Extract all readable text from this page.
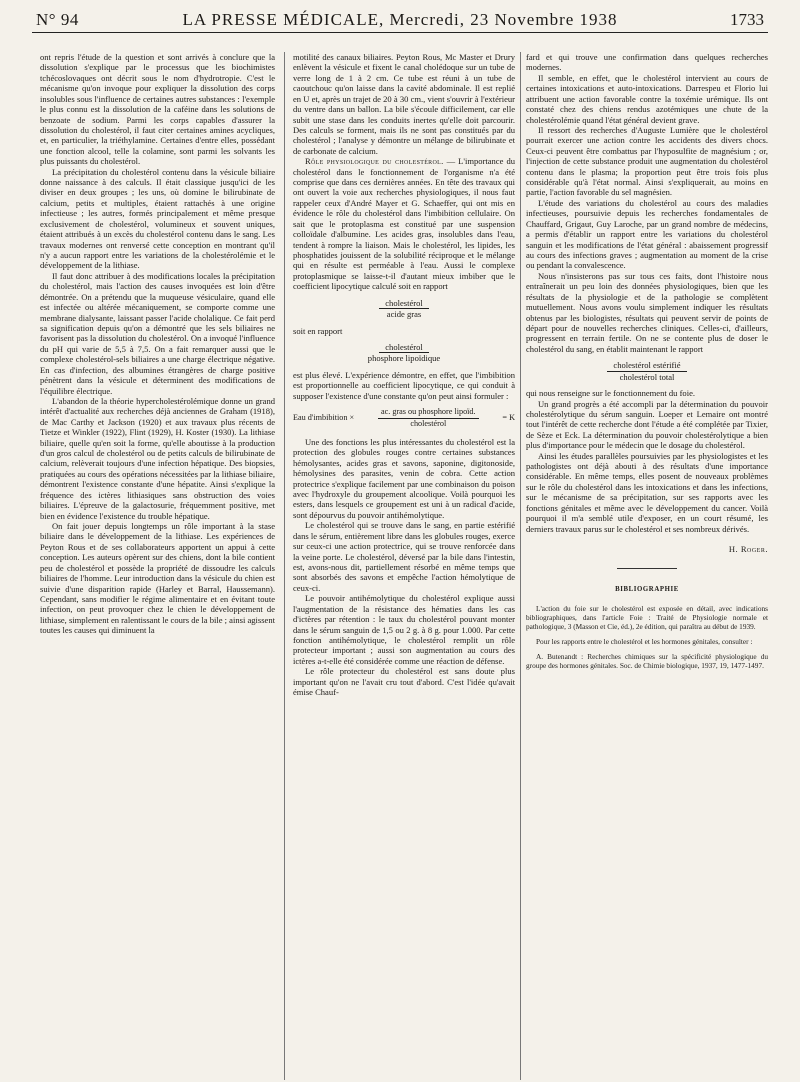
N° 94	LA PRESSE MÉDICALE, Mercredi, 23 Novembre 1938	1733

ont repris l'étude de la question et sont arrivés à conclure que la dissolution s'explique par le processus que les biochimistes tchécoslovaques ont décrit sous le nom d'hydrotropie. C'est le mécanisme qu'on invoque pour expliquer la dissolution des corps insolubles sous l'influence de certaines autres substances : l'exemple le plus connu est la dissolution de la caféine dans les solutions de benzoate de sodium. Parmi les corps capables d'assurer la dissolution du cholestérol, il faut citer certaines amines acycliques, et, en particulier, la triéthylamine. Certaines d'entre elles, possédant une fonction alcool, telle la colamine, sont parmi les solvants les plus puissants du cholestérol.

La précipitation du cholestérol contenu dans la vésicule biliaire donne naissance à des calculs. Il était classique jusqu'ici de les diviser en deux groupes ; les uns, où domine le bilirubinate de calcium, petits et multiples, étaient rattachés à une origine infectieuse ; les autres, formés principalement et même presque exclusivement de cholestérol, volumineux et souvent uniques, étaient attribués à un excès du cholestérol contenu dans le sang. Les travaux modernes ont renversé cette conception en montrant qu'il n'y a aucun rapport entre les variations de la cholestérolémie et le développement de la lithiase.

Il faut donc attribuer à des modifications locales la précipitation du cholestérol, mais l'action des causes invoquées est loin d'être démontrée. On a prétendu que la muqueuse vésiculaire, quand elle est infectée ou altérée mécaniquement, se comporte comme une membrane dialysante, laissant passer l'acide cholalique. Ce fait perd sa signification depuis qu'on a démontré que les sels biliaires ne favorisent pas la dissolution du cholestérol. On a invoqué l'influence du pH qui varie de 5,5 à 7,5. On a fait remarquer aussi que le complexe cholestérol-sels biliaires a une charge électrique négative. En cas d'infection, des albumines étrangères de charge positive pénètrent dans la vésicule et déterminent des modifications de l'équilibre électrique.

L'abandon de la théorie hypercholestérolémique donne un grand intérêt d'actualité aux recherches déjà anciennes de Graham (1918), de Mac Carthy et Jackson (1920) et aux travaux plus récents de Tietze et Winkler (1922), Flint (1929), H. Koster (1930). La lithiase biliaire, quelle qu'en soit la forme, qu'elle aboutisse à la production d'un gros calcul de cholestérol ou de petits calculs de bilirubinate de calcium, relèverait toujours d'une infection hépatique. Des biopsies, pratiquées au cours des opérations nécessitées par la lithiase biliaire, démontrent l'existence constante d'une hépatite. Ainsi s'explique la fréquence des ictères lithiasiques sans obstruction des voies biliaires. L'épreuve de la galactosurie, fréquemment positive, met bien en évidence l'existence du trouble hépatique.

On fait jouer depuis longtemps un rôle important à la stase biliaire dans le développement de la lithiase. Les expériences de Peyton Rous et de ses collaborateurs apportent un appui à cette conception. Les auteurs opèrent sur des chiens, dont la bile contient peu de cholestérol et possède la propriété de dissoudre les calculs biliaires de l'homme. Leur introduction dans la vésicule du chien est suivie d'une disparition rapide (Harley et Barral, Haussemann). Cependant, sans modifier le régime alimentaire et en évitant toute infection, on peut provoquer chez le chien le développement de lithiase, simplement en ralentissant le cours de la bile ; ainsi agissent toutes les causes qui diminuent la

motilité des canaux biliaires. Peyton Rous, Mc Master et Drury enlèvent la vésicule et fixent le canal cholédoque sur un tube de verre long de 1 à 2 cm. Ce tube est réuni à un tube de caoutchouc qu'on laisse dans la cavité abdominale. Il est replié en U et, après un trajet de 20 à 30 cm., vient s'ouvrir à l'extérieur du ventre dans un ballon. La bile s'écoule difficilement, car elle subit une stase dans les conduits inertes qu'elle doit parcourir. Des calculs se forment, mais ils ne sont pas constitués par du cholestérol ; l'analyse y démontre un mélange de bilirubinate et de carbonate de calcium.

Rôle physiologique du cholestérol. — L'importance du cholestérol dans le fonctionnement de l'organisme n'a été comprise que dans ces dernières années. En tête des travaux qui ont ouvert la voie aux recherches physiologiques, il nous faut rappeler ceux d'André Mayer et G. Schaeffer, qui ont mis en évidence le rôle du cholestérol dans l'imbibition cellulaire. On sait que le protoplasma est constitué par une suspension colloïdale d'albumine. Les acides gras, insolubles dans l'eau, tendent à rompre la liaison. Mais le cholestérol, les lipides, les phosphatides jouissent de la solubilité réciproque et le mélange qui en résulte est perméable à l'eau. Aussi le complexe protoplasmique se laisse-t-il d'autant mieux imbiber que le coefficient lipocytique calculé soit en rapport

cholestérol
acide gras

soit en rapport

cholestérol
phosphore lipoïdique

est plus élevé. L'expérience démontre, en effet, que l'imbibition est proportionnelle au coefficient lipocytique, ce qui conduit à supposer l'existence d'une constante qu'on peut ainsi formuler :

Eau d'imbibition ×
ac. gras ou phosphore lipoïd.
cholestérol
= K

Une des fonctions les plus intéressantes du cholestérol est la protection des globules rouges contre certaines substances hémolysantes, acides gras et savons, saponine, digitonoside, hémolysines des parasites, venin de cobra. Cette action protectrice s'explique facilement par une combinaison du poison avec l'hydroxyle du groupement alcoolique. Voilà pourquoi les esters, dans lesquels ce groupement est uni à un radical d'acide, sont dépourvus du pouvoir antihémolytique.

Le cholestérol qui se trouve dans le sang, en partie estérifié dans le sérum, entièrement libre dans les globules rouges, exerce sur ceux-ci une action protectrice, qui se trouve renforcée dans la veine porte. Le cholestérol, déversé par la bile dans l'intestin, est, avons-nous dit, partiellement résorbé en même temps que sont absorbés des savons et empêche l'action hémolytique de ceux-ci.

Le pouvoir antihémolytique du cholestérol explique aussi l'augmentation de la résistance des hématies dans les cas d'ictères par rétention : le taux du cholestérol pouvant monter dans le sérum sanguin de 1,5 ou 2 g. à 8 g. pour 1.000. Par cette fonction antihémolytique, le cholestérol remplit un rôle protecteur important ; aussi son augmentation au cours des ictères a-t-elle été considérée comme une réaction de défense.

Le rôle protecteur du cholestérol est sans doute plus important qu'on ne l'avait cru tout d'abord. C'est l'idée qu'avait émise Chauf-

fard et qui trouve une confirmation dans quelques recherches modernes.

Il semble, en effet, que le cholestérol intervient au cours de certaines intoxications et auto-intoxications. Darrespeu et Florio lui attribuent une action favorable contre la toxémie urémique. Ils ont constaté chez des chiens rendus azotémiques une chute de la cholestérolémie quand l'état général devient grave.

Il ressort des recherches d'Auguste Lumière que le cholestérol pourrait exercer une action contre les accidents des divers chocs. Ceux-ci peuvent être combattus par l'hyposulfite de magnésium ; or, l'injection de cette substance produit une augmentation du cholestérol contenu dans le plasma; la proportion peut être trois fois plus considérable qu'à l'état normal. Ainsi s'expliquerait, au moins en partie, l'action favorable du sel magnésien.

L'étude des variations du cholestérol au cours des maladies infectieuses, poursuivie depuis les recherches fondamentales de Chauffard, Grigaut, Guy Laroche, par un grand nombre de médecins, a permis d'établir un rapport entre les variations du cholestérol sanguin et les modifications de l'état général : abaissement progressif au cours des infections graves ; augmentation au moment de la crise ou pendant la convalescence.

Nous n'insisterons pas sur tous ces faits, dont l'histoire nous entraînerait un peu loin des données physiologiques, bien que les résultats de la physiologie et de la pathologie se complètent mutuellement. Nous avons voulu simplement indiquer les résultats obtenus par les biologistes, résultats qui peuvent servir de points de départ pour de nouvelles recherches cliniques. Celles-ci, d'ailleurs, progressent en terrain fertile. On ne se contente plus de doser le cholestérol du sang, en établit maintenant le rapport

cholestérol estérifié
cholestérol total

qui nous renseigne sur le fonctionnement du foie.

Un grand progrès a été accompli par la détermination du pouvoir cholestérolytique du sérum sanguin. Loeper et Lemaire ont montré tout l'intérêt de cette recherche dont l'étude a été complétée par Tixier, de Sèze et Eck. La détermination du pouvoir cholestérolytique a bien plus d'importance pour le médecin que le dosage du cholestérol.

Ainsi les études parallèles poursuivies par les physiologistes et les pathologistes ont déjà abouti à des résultats d'une importance considérable. En même temps, elles posent de nouveaux problèmes sur le rôle du cholestérol dans les intoxications et dans les infections, sur le mécanisme de sa précipitation, sur ses rapports avec les fonctions génitales et même avec le développement du cancer. Voilà pourquoi il m'a semblé utile d'exposer, en un court résumé, les derniers travaux parus sur le cholestérol et ses nombreux dérivés.

H. Roger.
BIBLIOGRAPHIE

L'action du foie sur le cholestérol est exposée en détail, avec indications bibliographiques, dans l'article Foie : Traité de Physiologie normale et pathologique, 3 (Masson et Cie, éd.), 2e édition, qui paraîtra au début de 1939.

Pour les rapports entre le cholestérol et les hormones génitales, consulter :

A. Butenandt : Recherches chimiques sur la spécificité physiologique du groupe des hormones génitales. Soc. de Chimie biologique, 1937, 19, 1477-1497.
